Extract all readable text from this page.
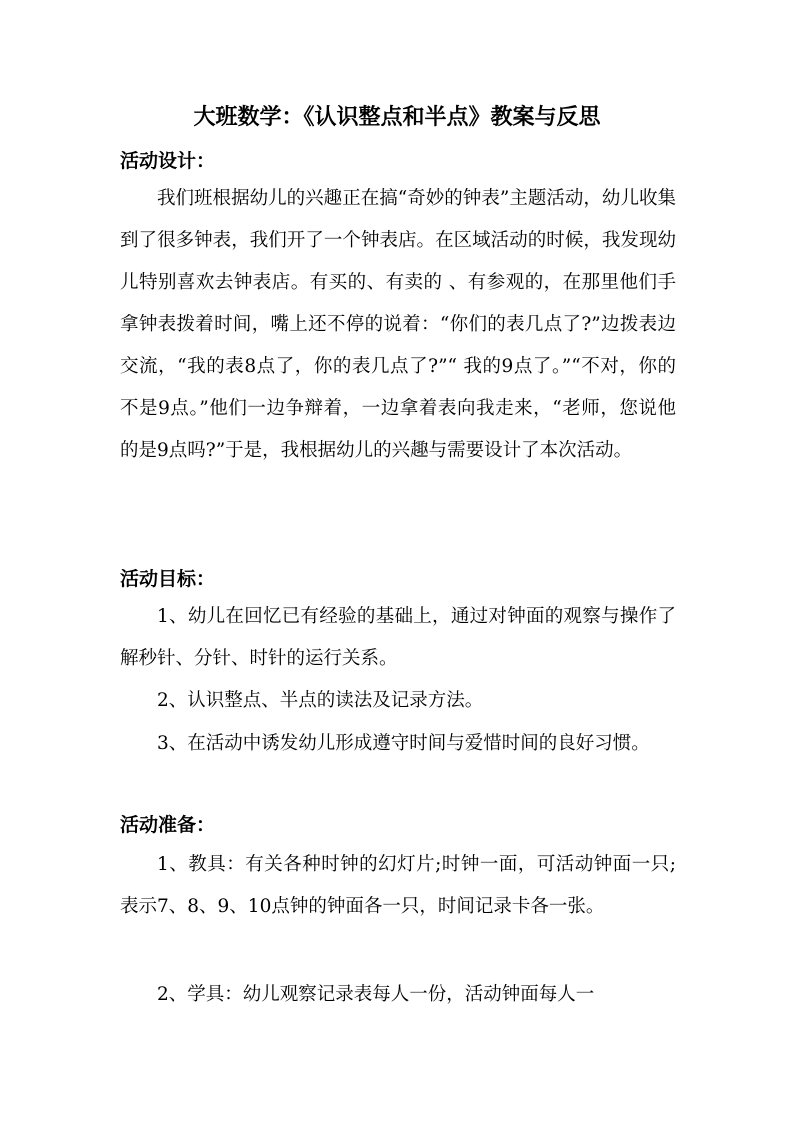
大班数学：《认识整点和半点》教案与反思
活动设计：

我们班根据幼儿的兴趣正在搞“奇妙的钟表”主题活动，幼儿收集到了很多钟表，我们开了一个钟表店。在区域活动的时候，我发现幼儿特别喜欢去钟表店。有买的、有卖的 、有参观的，在那里他们手拿钟表拨着时间，嘴上还不停的说着：“你们的表几点了?”边拨表边交流，“我的表8点了，你的表几点了?”“ 我的9点了。”“不对，你的不是9点。”他们一边争辩着，一边拿着表向我走来，“老师，您说他的是9点吗?”于是，我根据幼儿的兴趣与需要设计了本次活动。

活动目标：

1、幼儿在回忆已有经验的基础上，通过对钟面的观察与操作了解秒针、分针、时针的运行关系。

2、认识整点、半点的读法及记录方法。

3、在活动中诱发幼儿形成遵守时间与爱惜时间的良好习惯。

活动准备：

1、教具：有关各种时钟的幻灯片;时钟一面，可活动钟面一只;表示7、8、9、10点钟的钟面各一只，时间记录卡各一张。

2、学具：幼儿观察记录表每人一份，活动钟面每人一
